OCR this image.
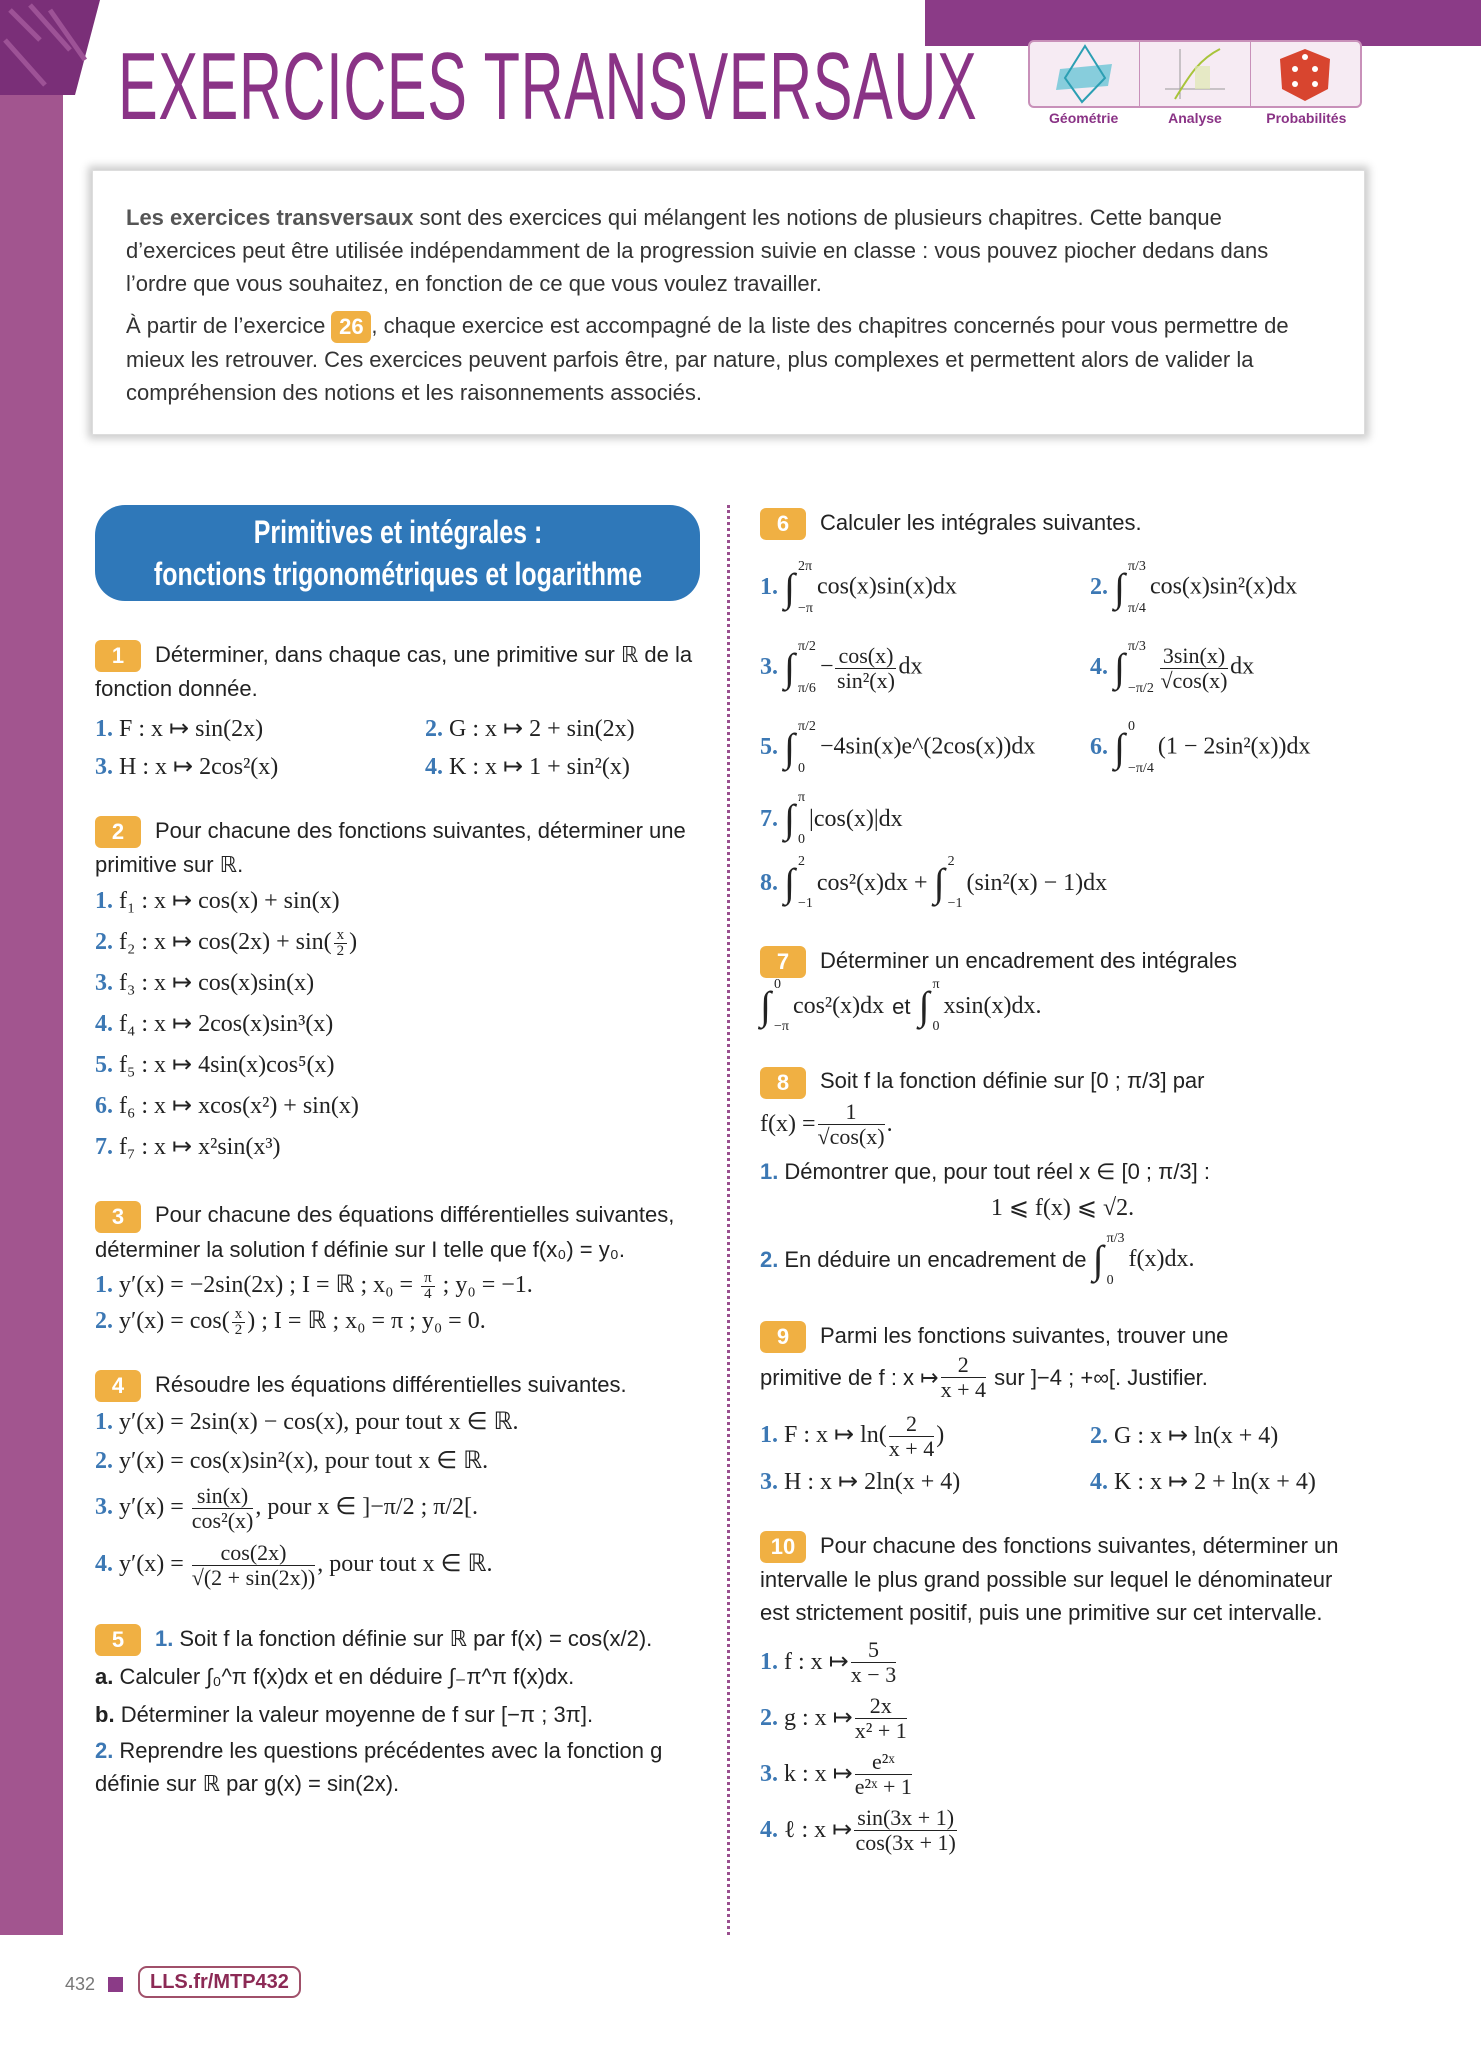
EXERCICES TRANSVERSAUX	Géométrie	Analyse	Probabilités

Les exercices transversaux sont des exercices qui mélangent les notions de plusieurs chapitres. Cette banque d’exercices peut être utilisée indépendamment de la progression suivie en classe : vous pouvez piocher dedans dans l’ordre que vous souhaitez, en fonction de ce que vous voulez travailler.

À partir de l’exercice 26 , chaque exercice est accompagné de la liste des chapitres concernés pour vous permettre de mieux les retrouver. Ces exercices peuvent parfois être, par nature, plus complexes et permettent alors de valider la compréhension des notions et les raisonnements associés.

Primitives et intégrales :
fonctions trigonométriques et logarithme
1 Déterminer, dans chaque cas, une primitive sur ℝ de la fonction donnée.
1. F : x ↦ sin(2x)	2. G : x ↦ 2 + sin(2x)
3. H : x ↦ 2cos²(x)	4. K : x ↦ 1 + sin²(x)
2 Pour chacune des fonctions suivantes, déterminer une primitive sur ℝ.
1. f₁ : x ↦ cos(x) + sin(x)
2. f₂ : x ↦ $\cos(2x) + \sin( \frac{x}{2}$ )
3. f₃ : x ↦ cos(x)sin(x)
4. f₄ : x ↦ 2cos(x)sin³(x)
5. f₅ : x ↦ 4sin(x)cos⁵(x)
6. f₆ : x ↦ xcos(x²) + sin(x)
7. f₇ : x ↦ x²sin(x³)
3 Pour chacune des équations différentielles suivantes, déterminer la solution f définie sur I telle que f(x₀) = y₀.
1. y′(x) = −2sin(2x) ; I = ℝ ; $x_0 = \frac{\pi}{4}$ ; y₀ = −1.
2. $y'(x) = \cos( \frac{x}{2}$ ) ; I = ℝ ; x₀ = π ; y₀ = 0.
4 Résoudre les équations différentielles suivantes.
1. y′(x) = 2sin(x) − cos(x), pour tout x ∈ ℝ.
2. y′(x) = cos(x)sin²(x), pour tout x ∈ ℝ.
3. $y'(x) = \frac{\sin(x)}{\text{cos²(x)}}$ , pour x ∈ ]−π/2 ; π/2[.
4. $y'(x) = \frac{\cos(2x)}{√(2 + \sin(2x))}$ , pour tout x ∈ ℝ.
5 1. Soit f la fonction définie sur ℝ par f(x) = cos(x/2).
a. Calculer ∫₀^π f(x)dx et en déduire ∫₋π^π f(x)dx.
b. Déterminer la valeur moyenne de f sur [−π ; 3π].
2. Reprendre les questions précédentes avec la fonction g définie sur ℝ par g(x) = sin(2x).
6 Calculer les intégrales suivantes.
1. ∫ 2π
−π
cos(x)sin(x)dx	2. ∫ π/3
π/4
cos(x)sin²(x)dx
3. ∫ π/2
π/6
− $\frac{\cos(x)}{\text{sin²(x)}}$ dx	4. ∫ π/3
$-\pi/2 \frac{3\sin(x)}{√\cos(x)}$ dx
5. ∫ π/2
0
−4sin(x)e^(2cos(x))dx	6. ∫ 0
−π/4
(1 − 2sin²(x))dx
7. ∫ π
0
|cos(x)|dx
8. ∫ 2
−1
cos²(x)dx +
∫ 2
−1
(sin²(x) − 1)dx
7 Déterminer un encadrement des intégrales
∫ 0
−π
cos²(x)dx et ∫ π
0
xsin(x)dx.
8 Soit f la fonction définie sur [0 ; π/3] par
$f(x) = \frac{1}{√\cos(x)}$ .
1. Démontrer que, pour tout réel x ∈ [0 ; π/3] :
1 ⩽ f(x) ⩽ √2.
2. En déduire un encadrement de
∫ π/3
0
f(x)dx.
9 Parmi les fonctions suivantes, trouver une
primitive de f : x ↦ $\frac{2}{x + 4}$
sur ]−4 ; +∞[. Justifier.
1. F : x ↦ $\ln( \frac{2}{x + 4}$ )	2. G : x ↦ ln(x + 4)
3. H : x ↦ 2ln(x + 4)	4. K : x ↦ 2 + ln(x + 4)
10 Pour chacune des fonctions suivantes, déterminer un intervalle le plus grand possible sur lequel le dénominateur est strictement positif, puis une primitive sur cet intervalle.
1. f : x ↦ $\frac{5}{x - 3}$
2. g : x ↦ $\frac{2x}{\text{x² + 1}}$
3. k : x ↦ $\frac{\text{e²ˣ}}{\text{e²ˣ + 1}}$
4. ℓ : x ↦ $\frac{\sin(3x + 1)}{\cos(3x + 1)}$
432	LLS.fr/MTP432
